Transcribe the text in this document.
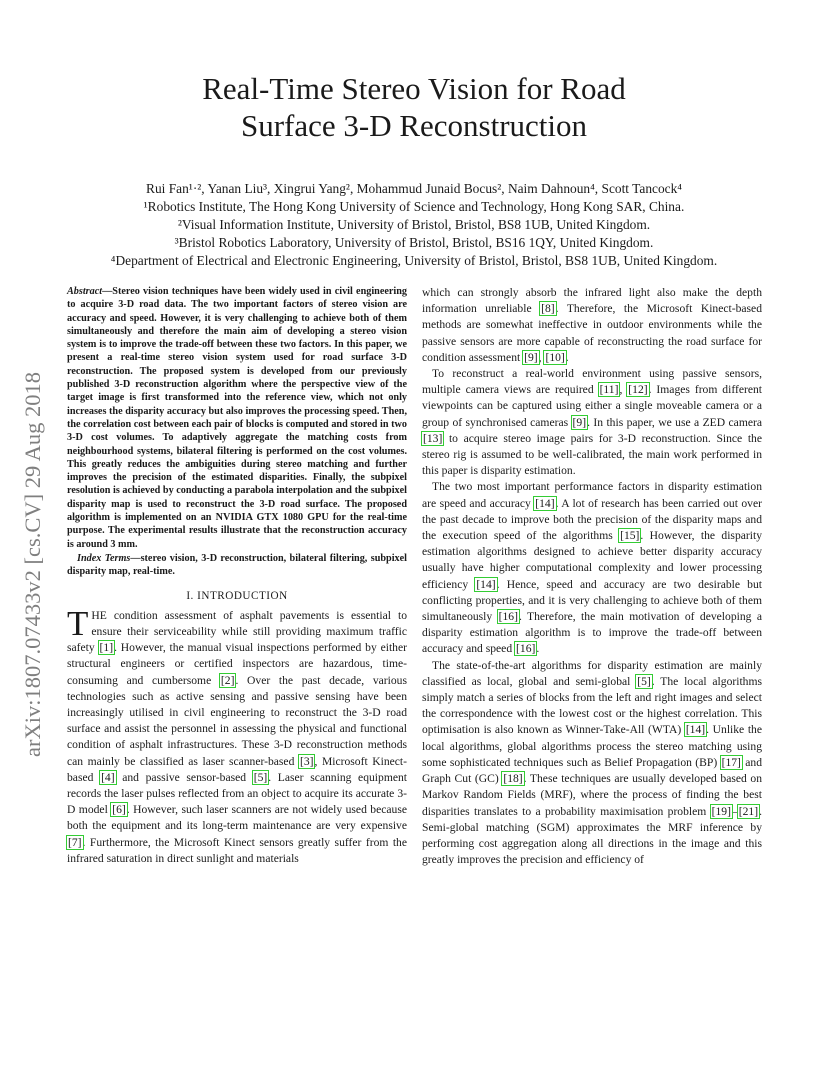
Real-Time Stereo Vision for Road
Surface 3-D Reconstruction
Rui Fan¹·², Yanan Liu³, Xingrui Yang², Mohammud Junaid Bocus², Naim Dahnoun⁴, Scott Tancock⁴
¹Robotics Institute, The Hong Kong University of Science and Technology, Hong Kong SAR, China.
²Visual Information Institute, University of Bristol, Bristol, BS8 1UB, United Kingdom.
³Bristol Robotics Laboratory, University of Bristol, Bristol, BS16 1QY, United Kingdom.
⁴Department of Electrical and Electronic Engineering, University of Bristol, Bristol, BS8 1UB, United Kingdom.
arXiv:1807.07433v2 [cs.CV] 29 Aug 2018
Abstract—Stereo vision techniques have been widely used in civil engineering to acquire 3-D road data. The two important factors of stereo vision are accuracy and speed. However, it is very challenging to achieve both of them simultaneously and therefore the main aim of developing a stereo vision system is to improve the trade-off between these two factors. In this paper, we present a real-time stereo vision system used for road surface 3-D reconstruction. The proposed system is developed from our previously published 3-D reconstruction algorithm where the perspective view of the target image is first transformed into the reference view, which not only increases the disparity accuracy but also improves the processing speed. Then, the correlation cost between each pair of blocks is computed and stored in two 3-D cost volumes. To adaptively aggregate the matching costs from neighbourhood systems, bilateral filtering is performed on the cost volumes. This greatly reduces the ambiguities during stereo matching and further improves the precision of the estimated disparities. Finally, the subpixel resolution is achieved by conducting a parabola interpolation and the subpixel disparity map is used to reconstruct the 3-D road surface. The proposed algorithm is implemented on an NVIDIA GTX 1080 GPU for the real-time purpose. The experimental results illustrate that the reconstruction accuracy is around 3 mm.
Index Terms—stereo vision, 3-D reconstruction, bilateral filtering, subpixel disparity map, real-time.
I. INTRODUCTION

THE condition assessment of asphalt pavements is essential to ensure their serviceability while still providing maximum traffic safety [1]. However, the manual visual inspections performed by either structural engineers or certified inspectors are hazardous, time-consuming and cumbersome [2]. Over the past decade, various technologies such as active sensing and passive sensing have been increasingly utilised in civil engineering to reconstruct the 3-D road surface and assist the personnel in assessing the physical and functional condition of asphalt infrastructures. These 3-D reconstruction methods can mainly be classified as laser scanner-based [3], Microsoft Kinect-based [4] and passive sensor-based [5]. Laser scanning equipment records the laser pulses reflected from an object to acquire its accurate 3-D model [6]. However, such laser scanners are not widely used because both the equipment and its long-term maintenance are very expensive [7]. Furthermore, the Microsoft Kinect sensors greatly suffer from the infrared saturation in direct sunlight and materials

which can strongly absorb the infrared light also make the depth information unreliable [8]. Therefore, the Microsoft Kinect-based methods are somewhat ineffective in outdoor environments while the passive sensors are more capable of reconstructing the road surface for condition assessment [9], [10].

To reconstruct a real-world environment using passive sensors, multiple camera views are required [11], [12]. Images from different viewpoints can be captured using either a single moveable camera or a group of synchronised cameras [9]. In this paper, we use a ZED camera [13] to acquire stereo image pairs for 3-D reconstruction. Since the stereo rig is assumed to be well-calibrated, the main work performed in this paper is disparity estimation.

The two most important performance factors in disparity estimation are speed and accuracy [14]. A lot of research has been carried out over the past decade to improve both the precision of the disparity maps and the execution speed of the algorithms [15]. However, the disparity estimation algorithms designed to achieve better disparity accuracy usually have higher computational complexity and lower processing efficiency [14]. Hence, speed and accuracy are two desirable but conflicting properties, and it is very challenging to achieve both of them simultaneously [16]. Therefore, the main motivation of developing a disparity estimation algorithm is to improve the trade-off between accuracy and speed [16].

The state-of-the-art algorithms for disparity estimation are mainly classified as local, global and semi-global [5]. The local algorithms simply match a series of blocks from the left and right images and select the correspondence with the lowest cost or the highest correlation. This optimisation is also known as Winner-Take-All (WTA) [14]. Unlike the local algorithms, global algorithms process the stereo matching using some sophisticated techniques such as Belief Propagation (BP) [17] and Graph Cut (GC) [18]. These techniques are usually developed based on Markov Random Fields (MRF), where the process of finding the best disparities translates to a probability maximisation problem [19]–[21]. Semi-global matching (SGM) approximates the MRF inference by performing cost aggregation along all directions in the image and this greatly improves the precision and efficiency of
